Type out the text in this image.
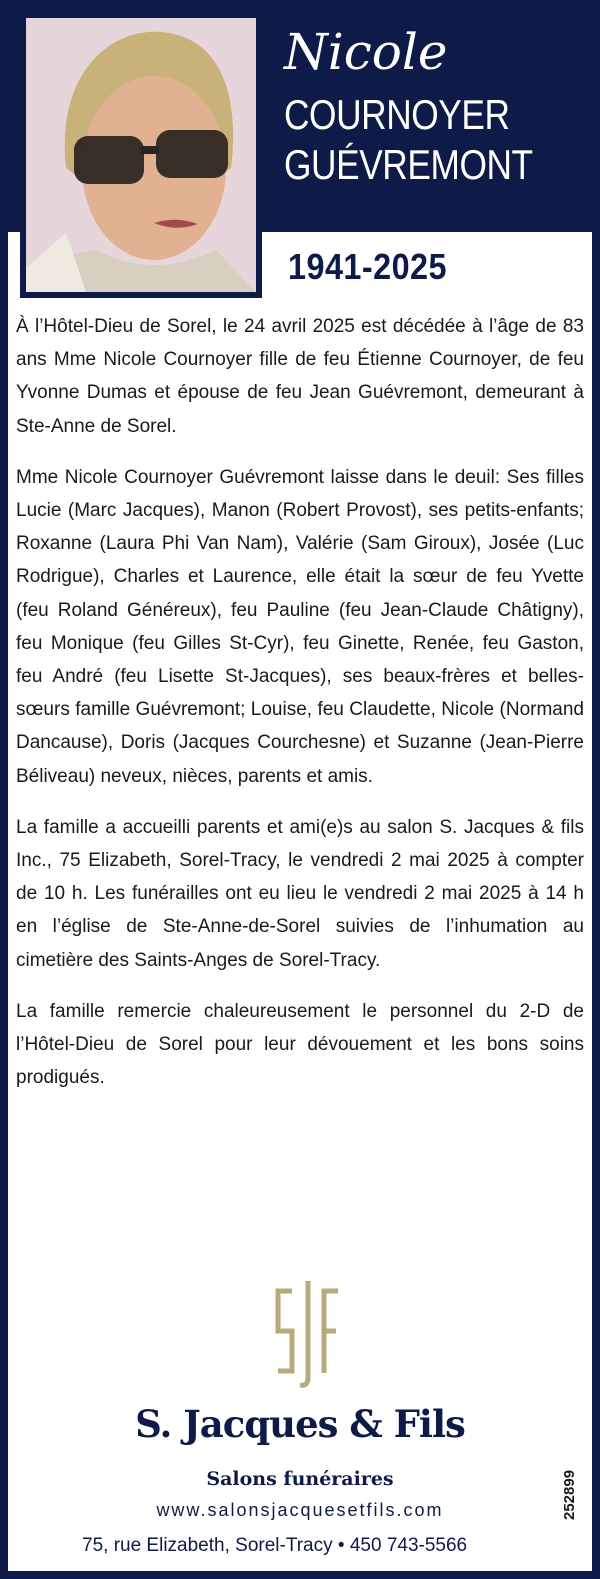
Nicole
COURNOYER
GUÉVREMONT
1941-2025

À l’Hôtel-Dieu de Sorel, le 24 avril 2025 est décédée à l’âge de 83 ans Mme Nicole Cournoyer fille de feu Étienne Cournoyer, de feu Yvonne Dumas et épouse de feu Jean Guévremont, demeurant à Ste-Anne de Sorel.

Mme Nicole Cournoyer Guévremont laisse dans le deuil: Ses filles Lucie (Marc Jacques), Manon (Robert Provost), ses petits-enfants; Roxanne (Laura Phi Van Nam), Valérie (Sam Giroux), Josée (Luc Rodrigue), Charles et Laurence, elle était la sœur de feu Yvette (feu Roland Généreux), feu Pauline (feu Jean-Claude Châtigny), feu Monique (feu Gilles St-Cyr), feu Ginette, Renée, feu Gaston, feu André (feu Lisette St-Jacques), ses beaux-frères et belles-sœurs famille Guévremont; Louise, feu Claudette, Nicole (Normand Dancause), Doris (Jacques Courchesne) et Suzanne (Jean-Pierre Béliveau) neveux, nièces, parents et amis.

La famille a accueilli parents et ami(e)s au salon S. Jacques & fils Inc., 75 Elizabeth, Sorel-Tracy, le vendredi 2 mai 2025 à compter de 10 h. Les funérailles ont eu lieu le vendredi 2 mai 2025 à 14 h en l’église de Ste-Anne-de-Sorel suivies de l’inhumation au cimetière des Saints-Anges de Sorel-Tracy.

La famille remercie chaleureusement le personnel du 2-D de l’Hôtel-Dieu de Sorel pour leur dévouement et les bons soins prodigués.

S. Jacques & Fils
Salons funéraires
www.salonsjacquesetfils.com
75, rue Elizabeth, Sorel-Tracy • 450 743-5566
252899
